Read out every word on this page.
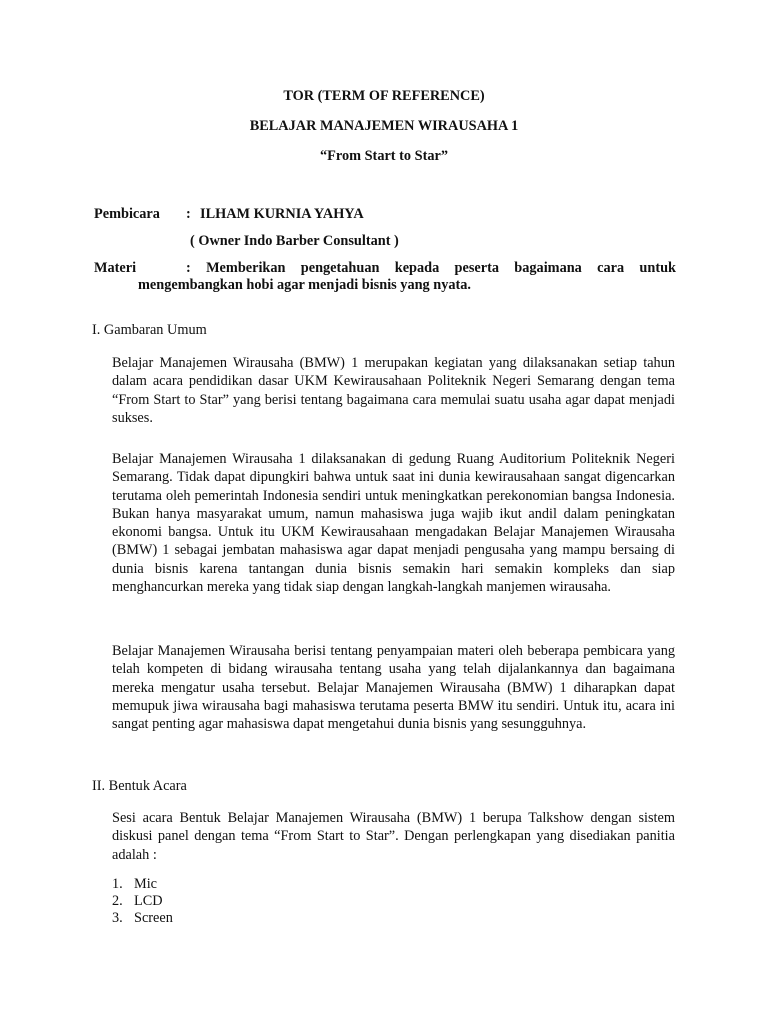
TOR (TERM OF REFERENCE)
BELAJAR MANAJEMEN WIRAUSAHA 1
“From Start to Star”
Pembicara : ILHAM KURNIA YAHYA
( Owner Indo Barber Consultant )
Materi	: Memberikan pengetahuan kepada peserta bagaimana cara untuk
mengembangkan hobi agar menjadi bisnis yang nyata.
I. Gambaran Umum

Belajar Manajemen Wirausaha (BMW) 1 merupakan kegiatan yang dilaksanakan setiap tahun dalam acara pendidikan dasar UKM Kewirausahaan Politeknik Negeri Semarang dengan tema “From Start to Star” yang berisi tentang bagaimana cara memulai suatu usaha agar dapat menjadi sukses.

Belajar Manajemen Wirausaha 1 dilaksanakan di gedung Ruang Auditorium Politeknik Negeri Semarang. Tidak dapat dipungkiri bahwa untuk saat ini dunia kewirausahaan sangat digencarkan terutama oleh pemerintah Indonesia sendiri untuk meningkatkan perekonomian bangsa Indonesia. Bukan hanya masyarakat umum, namun mahasiswa juga wajib ikut andil dalam peningkatan ekonomi bangsa. Untuk itu UKM Kewirausahaan mengadakan Belajar Manajemen Wirausaha (BMW) 1 sebagai jembatan mahasiswa agar dapat menjadi pengusaha yang mampu bersaing di dunia bisnis karena tantangan dunia bisnis semakin hari semakin kompleks dan siap menghancurkan mereka yang tidak siap dengan langkah-langkah manjemen wirausaha.

Belajar Manajemen Wirausaha berisi tentang penyampaian materi oleh beberapa pembicara yang telah kompeten di bidang wirausaha tentang usaha yang telah dijalankannya dan bagaimana mereka mengatur usaha tersebut. Belajar Manajemen Wirausaha (BMW) 1 diharapkan dapat memupuk jiwa wirausaha bagi mahasiswa terutama peserta BMW itu sendiri. Untuk itu, acara ini sangat penting agar mahasiswa dapat mengetahui dunia bisnis yang sesungguhnya.

II. Bentuk Acara

Sesi acara Bentuk Belajar Manajemen Wirausaha (BMW) 1 berupa Talkshow dengan sistem diskusi panel dengan tema “From Start to Star”. Dengan perlengkapan yang disediakan panitia adalah :

1. Mic
2. LCD
3. Screen
